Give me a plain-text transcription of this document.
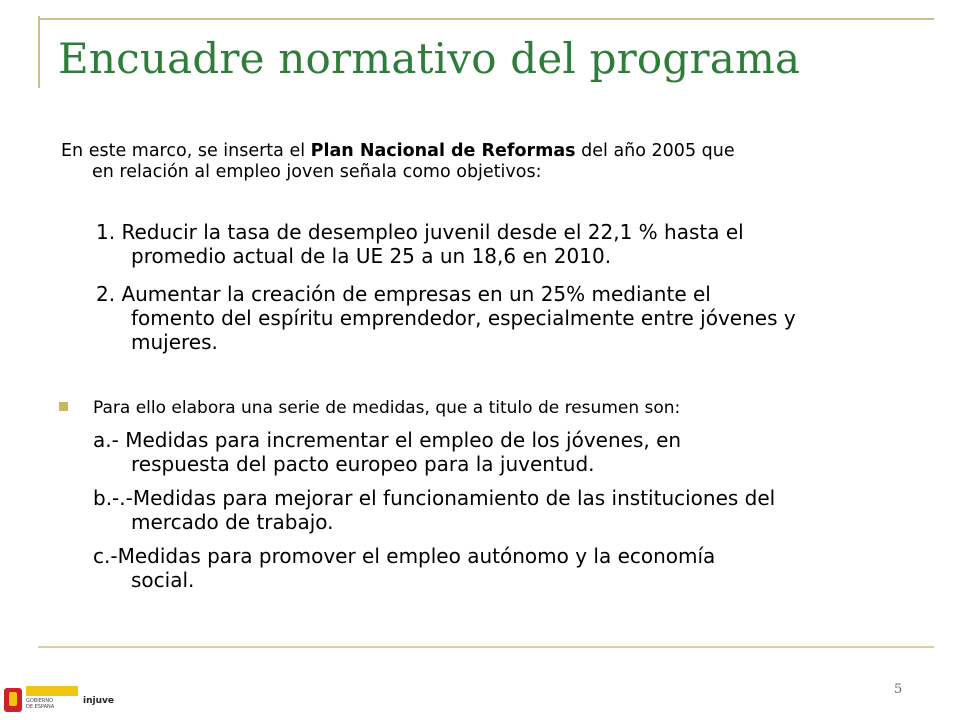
Encuadre normativo del programa
En este marco, se inserta el Plan Nacional de Reformas del año 2005 que
en relación al empleo joven señala como objetivos:
1. Reducir la tasa de desempleo juvenil desde el 22,1 % hasta el
promedio actual de la UE 25 a un 18,6 en 2010.
2. Aumentar la creación de empresas en un 25% mediante el
fomento del espíritu emprendedor, especialmente entre jóvenes y
mujeres.
Para ello elabora una serie de medidas, que a titulo de resumen son:
a.- Medidas para incrementar el empleo de los jóvenes, en
respuesta del pacto europeo para la juventud.
b.-.-Medidas para mejorar el funcionamiento de las instituciones del
mercado de trabajo.
c.-Medidas para promover el empleo autónomo y la economía
social.
5
GOBIERNO
DE ESPAÑA
injuve
